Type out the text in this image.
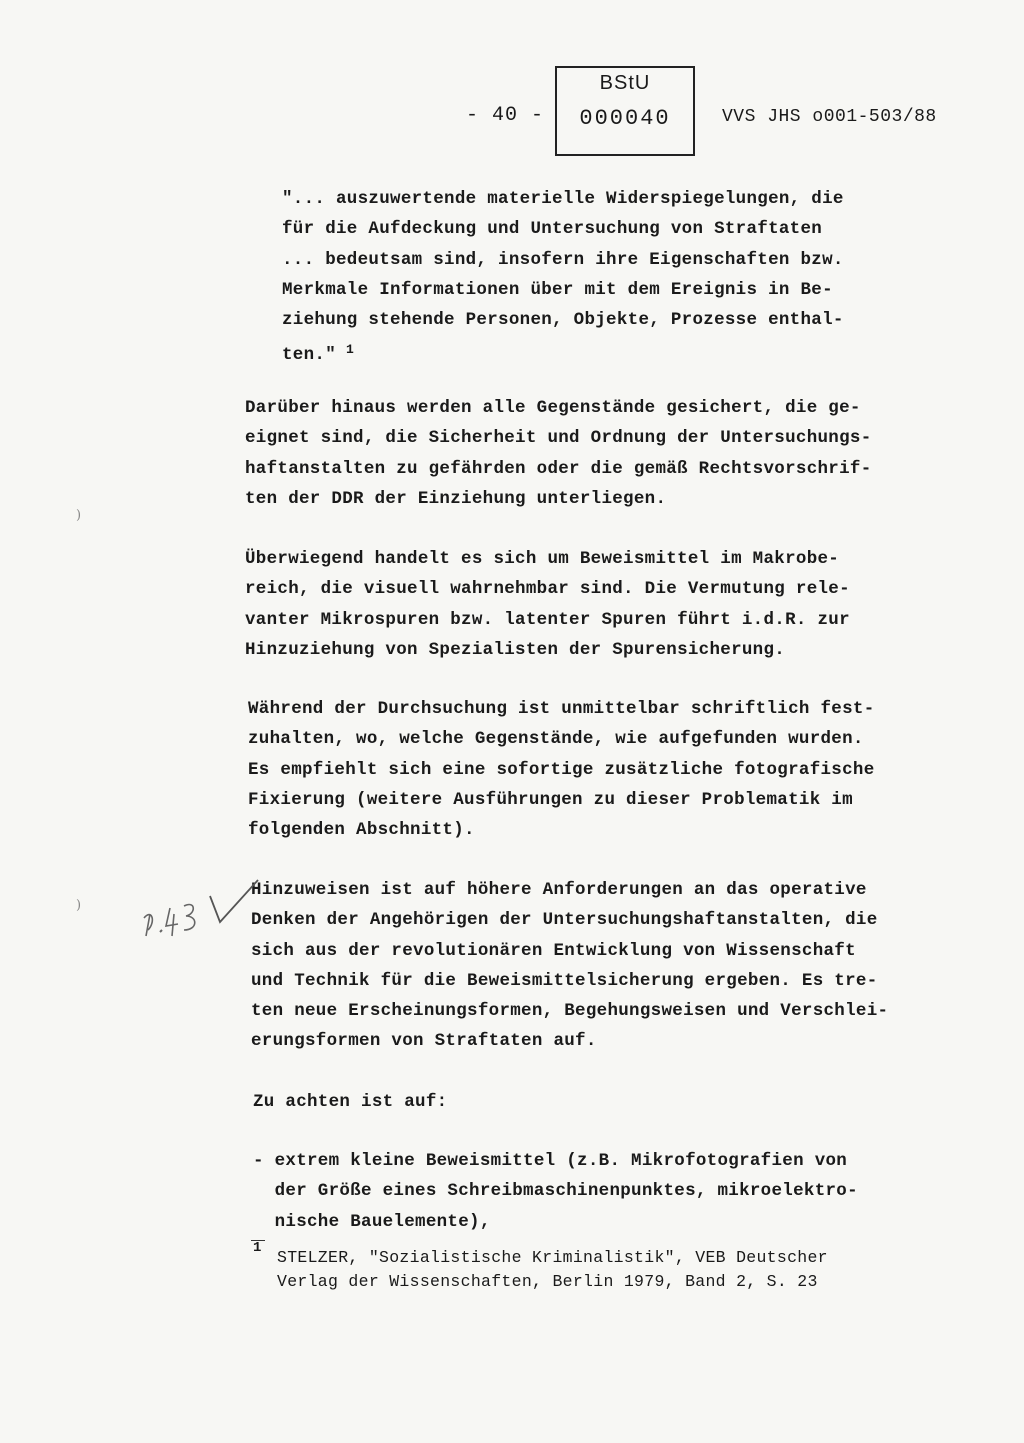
- 40 -
BStU
000040	VVS JHS o001-503/88
"... auszuwertende materielle Widerspiegelungen, die
für die Aufdeckung und Untersuchung von Straftaten
... bedeutsam sind, insofern ihre Eigenschaften bzw.
Merkmale Informationen über mit dem Ereignis in Be-
ziehung stehende Personen, Objekte, Prozesse enthal-
ten." $^1$
Darüber hinaus werden alle Gegenstände gesichert, die ge-
eignet sind, die Sicherheit und Ordnung der Untersuchungs-
haftanstalten zu gefährden oder die gemäß Rechtsvorschrif-
ten der DDR der Einziehung unterliegen.
Überwiegend handelt es sich um Beweismittel im Makrobe-
reich, die visuell wahrnehmbar sind. Die Vermutung rele-
vanter Mikrospuren bzw. latenter Spuren führt i.d.R. zur
Hinzuziehung von Spezialisten der Spurensicherung.
Während der Durchsuchung ist unmittelbar schriftlich fest-
zuhalten, wo, welche Gegenstände, wie aufgefunden wurden.
Es empfiehlt sich eine sofortige zusätzliche fotografische
Fixierung (weitere Ausführungen zu dieser Problematik im
folgenden Abschnitt).
Hinzuweisen ist auf höhere Anforderungen an das operative
Denken der Angehörigen der Untersuchungshaftanstalten, die
sich aus der revolutionären Entwicklung von Wissenschaft
und Technik für die Beweismittelsicherung ergeben. Es tre-
ten neue Erscheinungsformen, Begehungsweisen und Verschlei-
erungsformen von Straftaten auf.
Zu achten ist auf:
- extrem kleine Beweismittel (z.B. Mikrofotografien von
der Größe eines Schreibmaschinenpunktes, mikroelektro-
nische Bauelemente),
1 STELZER, "Sozialistische Kriminalistik", VEB Deutscher
Verlag der Wissenschaften, Berlin 1979, Band 2, S. 23
)
)
